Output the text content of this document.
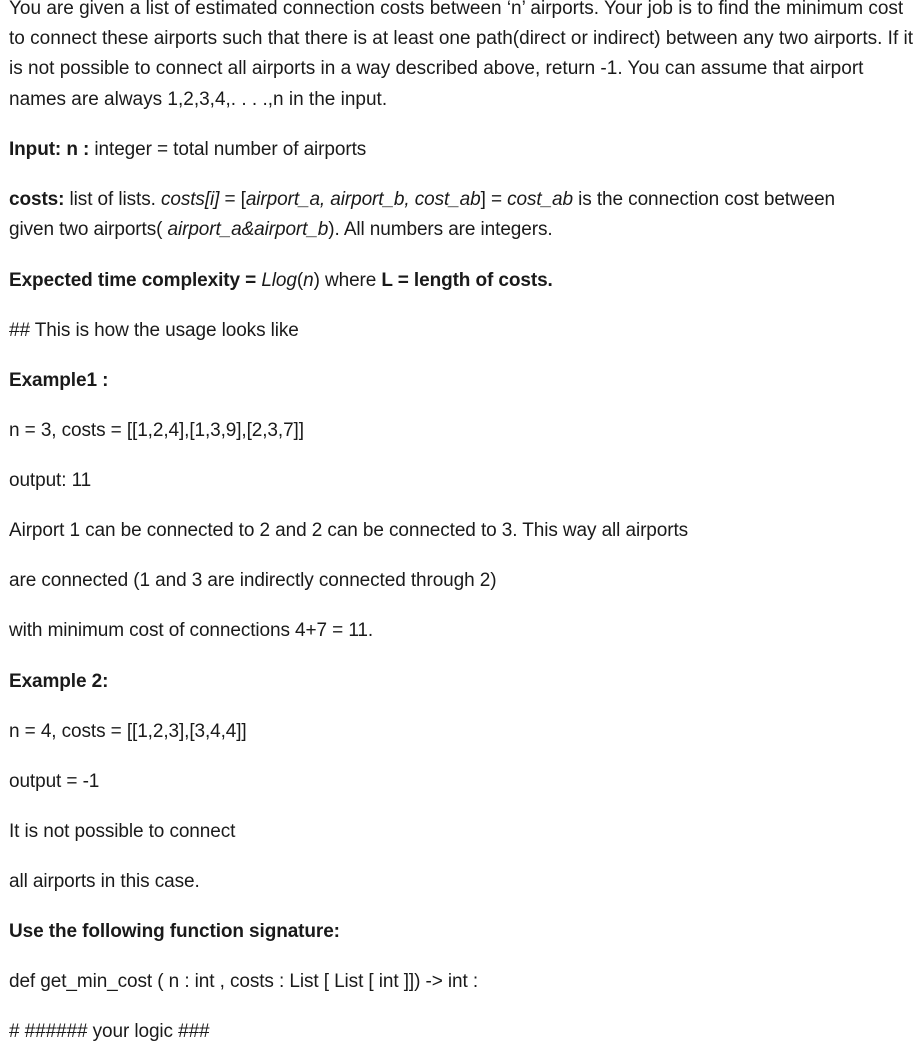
You are given a list of estimated connection costs between ‘n’ airports. Your job is to find the minimum cost to connect these airports such that there is at least one path(direct or indirect) between any two airports. If it is not possible to connect all airports in a way described above, return -1. You can assume that airport names are always 1,2,3,4,. . . .,n in the input.
Input: n : integer = total number of airports
costs: list of lists. costs[i] = [airport_a, airport_b, cost_ab] = cost_ab is the connection cost between
given two airports( airport_a&airport_b). All numbers are integers.
Expected time complexity = Llog(n) where L = length of costs.
## This is how the usage looks like
Example1 :
n = 3, costs = [[1,2,4],[1,3,9],[2,3,7]]
output: 11
Airport 1 can be connected to 2 and 2 can be connected to 3. This way all airports
are connected (1 and 3 are indirectly connected through 2)
with minimum cost of connections 4+7 = 11.
Example 2:
n = 4, costs = [[1,2,3],[3,4,4]]
output = -1
It is not possible to connect
all airports in this case.
Use the following function signature:
def get_min_cost ( n : int , costs : List [ List [ int ]]) -> int :
# ###### your logic ###
